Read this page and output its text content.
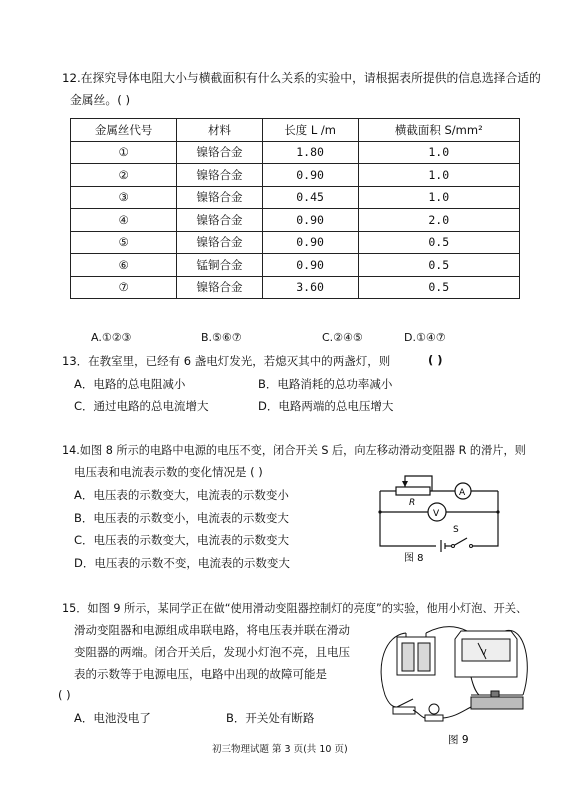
12.在探究导体电阻大小与横截面积有什么关系的实验中，请根据表所提供的信息选择合适的
金属丝。( )
金属丝代号	材料	长度 L /m	横截面积 S/mm²
①	镍铬合金	1.80	1.0
②	镍铬合金	0.90	1.0
③	镍铬合金	0.45	1.0
④	镍铬合金	0.90	2.0
⑤	镍铬合金	0.90	0.5
⑥	锰铜合金	0.90	0.5
⑦	镍铬合金	3.60	0.5
A.①②③	B.⑤⑥⑦	C.②④⑤	D.①④⑦
13．在教室里，已经有 6 盏电灯发光，若熄灭其中的两盏灯，则	( )
A．电路的总电阻减小	B．电路消耗的总功率减小
C．通过电路的总电流增大	D．电路两端的总电压增大
14.如图 8 所示的电路中电源的电压不变，闭合开关 S 后，向左移动滑动变阻器 R 的滑片，则
电压表和电流表示数的变化情况是 ( )
A．电压表的示数变大，电流表的示数变小
B．电压表的示数变小，电流表的示数变大
C．电压表的示数变大，电流表的示数变大
D．电压表的示数不变，电流表的示数变大
R
A
V
S
图 8
15．如图 9 所示，某同学正在做“使用滑动变阻器控制灯的亮度”的实验，他用小灯泡、开关、
滑动变阻器和电源组成串联电路，将电压表并联在滑动
变阻器的两端。闭合开关后，发现小灯泡不亮，且电压
表的示数等于电源电压，电路中出现的故障可能是
( )
A．电池没电了	B．开关处有断路
V
图 9
初三物理试题 第 3 页(共 10 页)
